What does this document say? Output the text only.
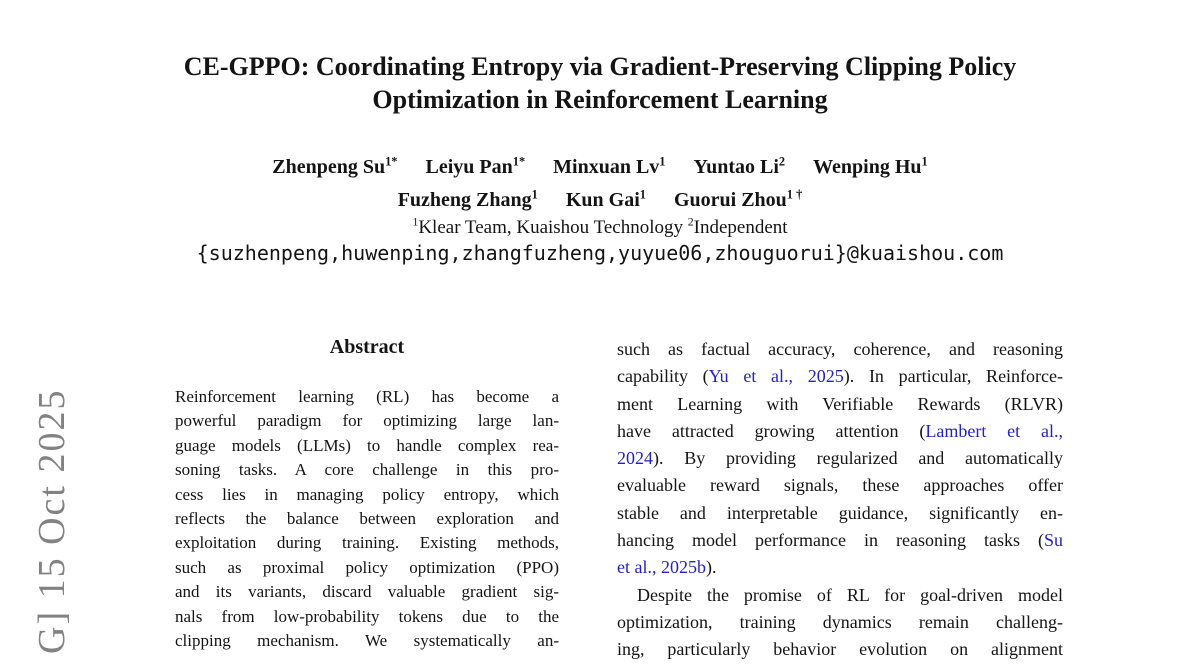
G] 15 Oct 2025
CE-GPPO: Coordinating Entropy via Gradient-Preserving Clipping Policy
Optimization in Reinforcement Learning
Zhenpeng $Su^{1*}$ Leiyu Pan$^{1*}$ Minxuan Lv$^1$ Yuntao Li$^2$ Wenping Hu$^1$
Fuzheng Zhang$^1$ Kun Gai$^1$ Guorui Zhou$^{1 \dagger}$
$^1$Klear Team, Kuaishou Technology $^2$Independent
{suzhenpeng,huwenping,zhangfuzheng,yuyue06,zhouguorui}@kuaishou.com
Abstract
Reinforcement learning (RL) has become a
powerful paradigm for optimizing large lan-
guage models (LLMs) to handle complex rea-
soning tasks. A core challenge in this pro-
cess lies in managing policy entropy, which
reflects the balance between exploration and
exploitation during training. Existing methods,
such as proximal policy optimization (PPO)
and its variants, discard valuable gradient sig-
nals from low-probability tokens due to the
clipping mechanism. We systematically an-
such as factual accuracy, coherence, and reasoning
capability (Yu et al., 2025). In particular, Reinforce-
ment Learning with Verifiable Rewards (RLVR)
have attracted growing attention (Lambert et al.,
2024). By providing regularized and automatically
evaluable reward signals, these approaches offer
stable and interpretable guidance, significantly en-
hancing model performance in reasoning tasks (Su
et al., 2025b).
Despite the promise of RL for goal-driven model
optimization, training dynamics remain challeng-
ing, particularly behavior evolution on alignment
